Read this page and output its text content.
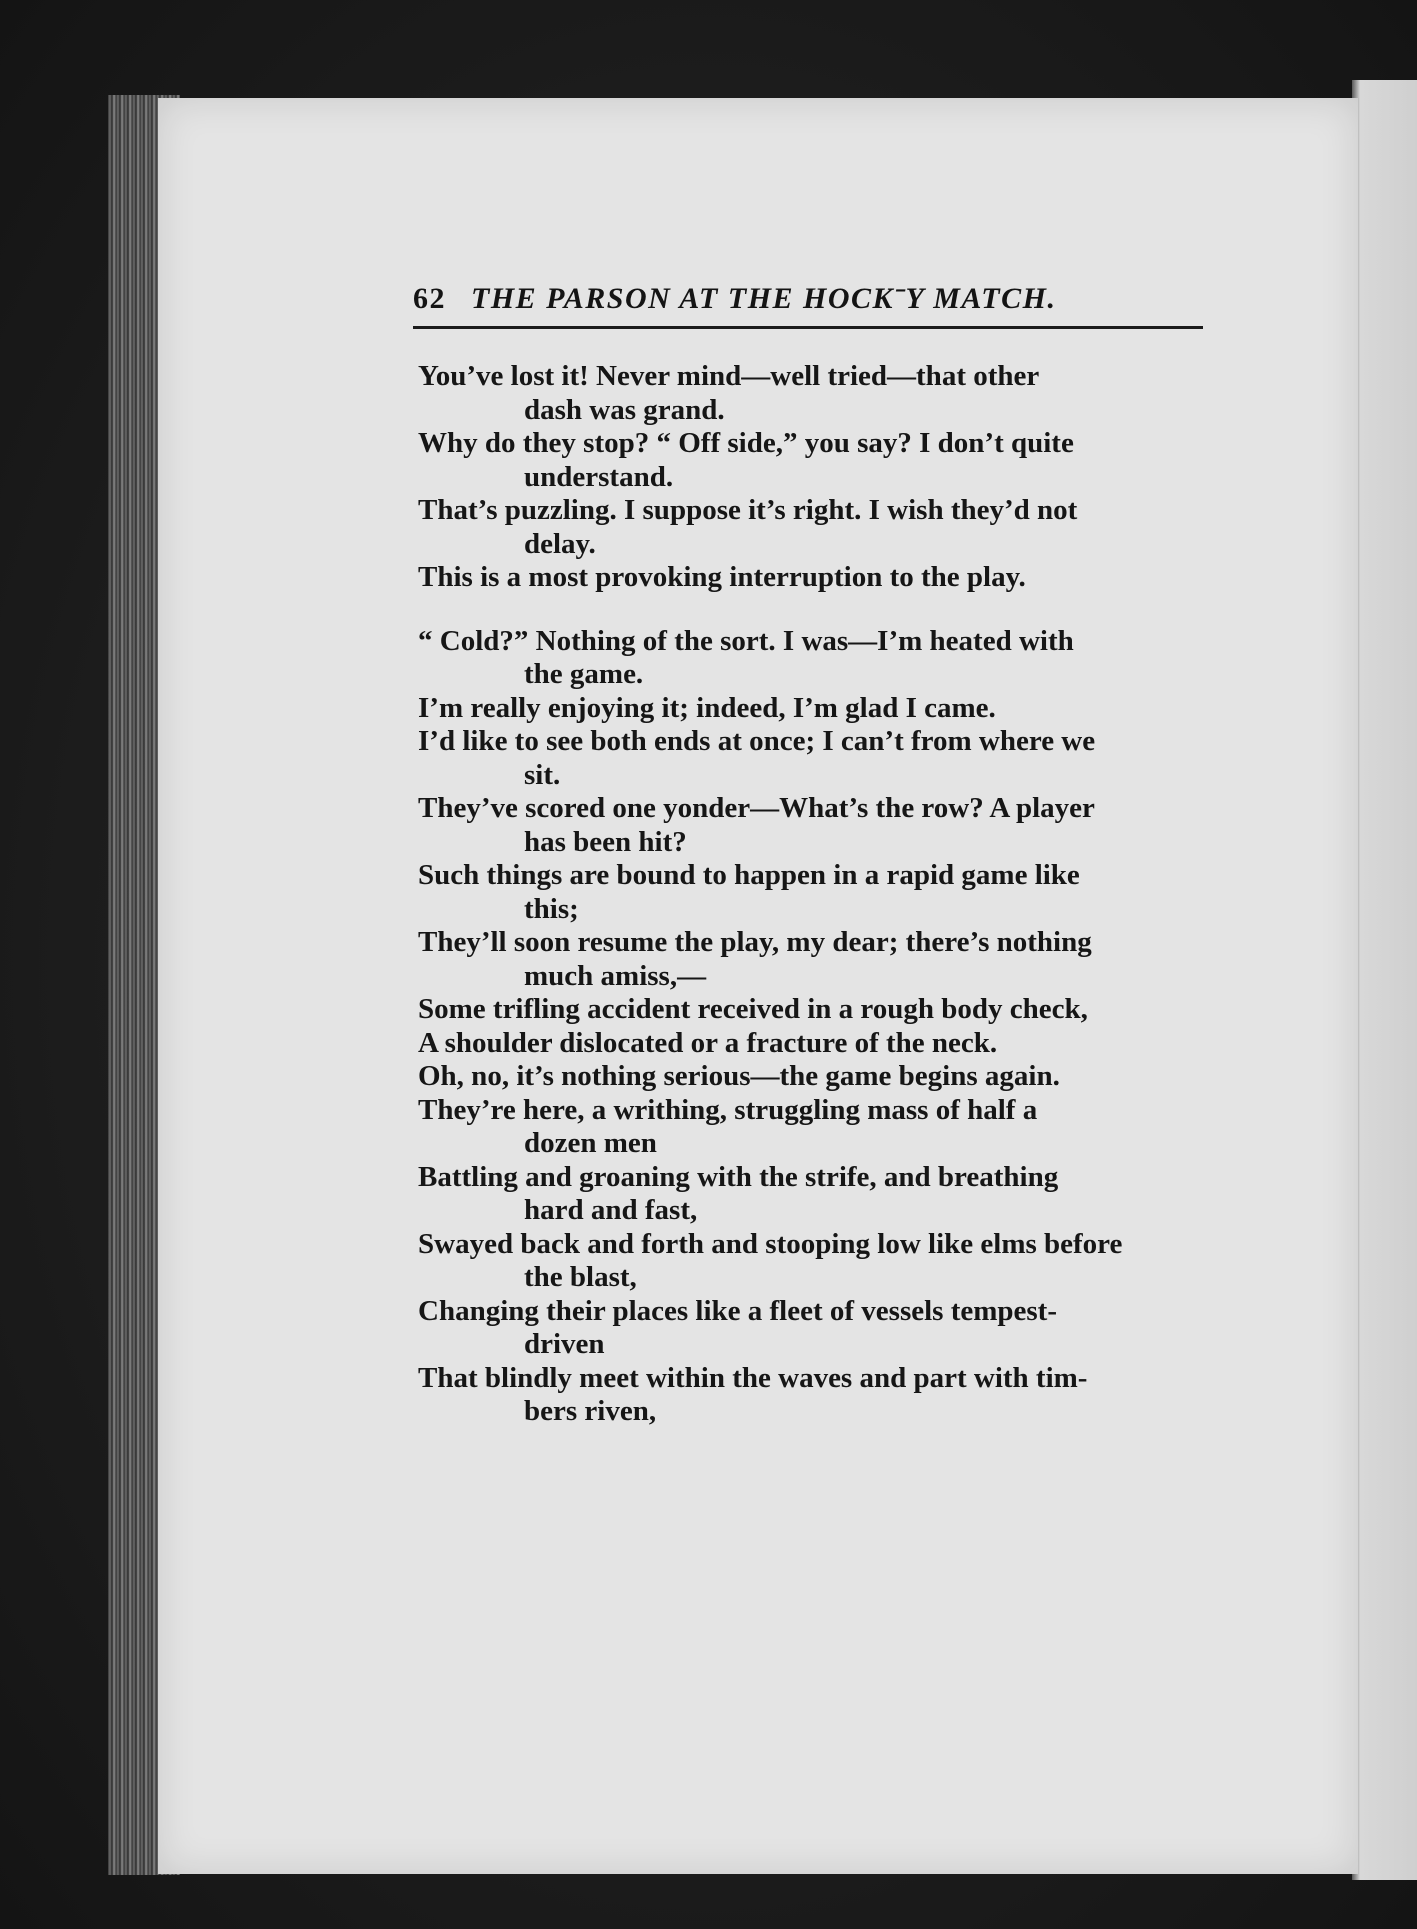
62 THE PARSON AT THE HOCKˉY MATCH.
You’ve lost it! Never mind—well tried—that other
dash was grand.
Why do they stop? “ Off side,” you say? I don’t quite
understand.
That’s puzzling. I suppose it’s right. I wish they’d not
delay.
This is a most provoking interruption to the play.
“ Cold?” Nothing of the sort. I was—I’m heated with
the game.
I’m really enjoying it; indeed, I’m glad I came.
I’d like to see both ends at once; I can’t from where we
sit.
They’ve scored one yonder—What’s the row? A player
has been hit?
Such things are bound to happen in a rapid game like
this;
They’ll soon resume the play, my dear; there’s nothing
much amiss,—
Some trifling accident received in a rough body check,
A shoulder dislocated or a fracture of the neck.
Oh, no, it’s nothing serious—the game begins again.
They’re here, a writhing, struggling mass of half a
dozen men
Battling and groaning with the strife, and breathing
hard and fast,
Swayed back and forth and stooping low like elms before
the blast,
Changing their places like a fleet of vessels tempest-
driven
That blindly meet within the waves and part with tim-
bers riven,
